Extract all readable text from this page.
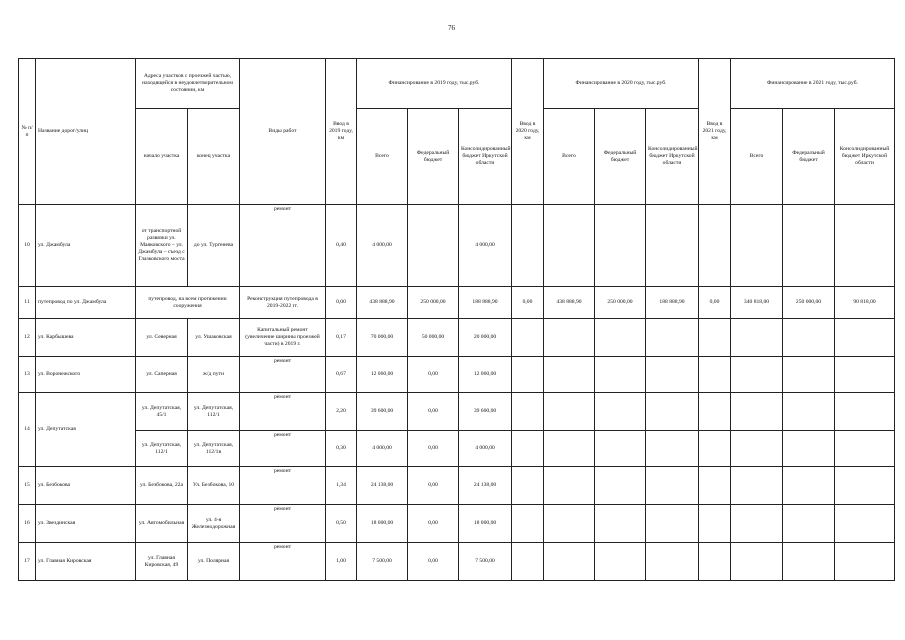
76
№ п/п	Название дорог/улиц	Адреса участков с проезжей частью, находящейся в неудовлетворительном состоянии, км		Виды работ	Ввод в 2019 году, км	Финансирование в 2019 году, тыс.руб.			Ввод в 2020 году, км	Финансирование в 2020 году, тыс.руб.			Ввод в 2021 году, км	Финансирование в 2021 году, тыс.руб.		
		начало участка	конец участка			Всего	Федеральный бюджет	Консолидированный бюджет Иркутской области		Всего	Федеральный бюджет	Консолидированный бюджет Иркутской области		Всего	Федеральный бюджет	Консолидированный бюджет Иркутской области
10	ул. Джамбула	от транспортной развязки ул. Маяковского – ул. Джамбула – съезд с Глазковского моста	до ул. Тургенева	ремонт	0,40	4 000,00		4 000,00								
11	путепровод по ул. Джамбула	путепровод, на всем протяжении сооружения		Реконструкция путепровода в 2019-2022 гг.	0,00	438 888,90	250 000,00	188 888,90	0,00	438 888,90	250 000,00	188 888,90	0,00	340 818,00	250 000,00	90 818,00
12	ул. Карбышева	ул. Северная	ул. Ушаковская	Капитальный ремонт (увеличение ширины проезжей части) в 2019 г.	0,17	70 000,00	50 000,00	20 000,00								
13	ул. Воронежского	ул. Саперная	ж/д пути	ремонт	0,67	12 060,00	0,00	12 060,00								
14	ул. Депутатская	ул. Депутатская, 45/1	ул. Депутатская, 112/1	ремонт	2,20	39 600,00	0,00	39 600,00								
		ул. Депутатская, 112/1	ул. Депутатская, 112/1в	ремонт	0,30	4 000,00	0,00	4 000,00								
15	ул. Безбокова	ул. Безбокова, 22а	Ул. Безбокова, 10	ремонт	1,34	24 138,00	0,00	24 138,00								
16	ул. Звездинская	ул. Автомобильная	ул. 4-я Железнодорожная	ремонт	0,50	18 000,00	0,00	18 000,00								
17	ул. Главная Кировская	ул. Главная Кировская, 49	ул. Полярная	ремонт	1,00	7 500,00	0,00	7 500,00								
